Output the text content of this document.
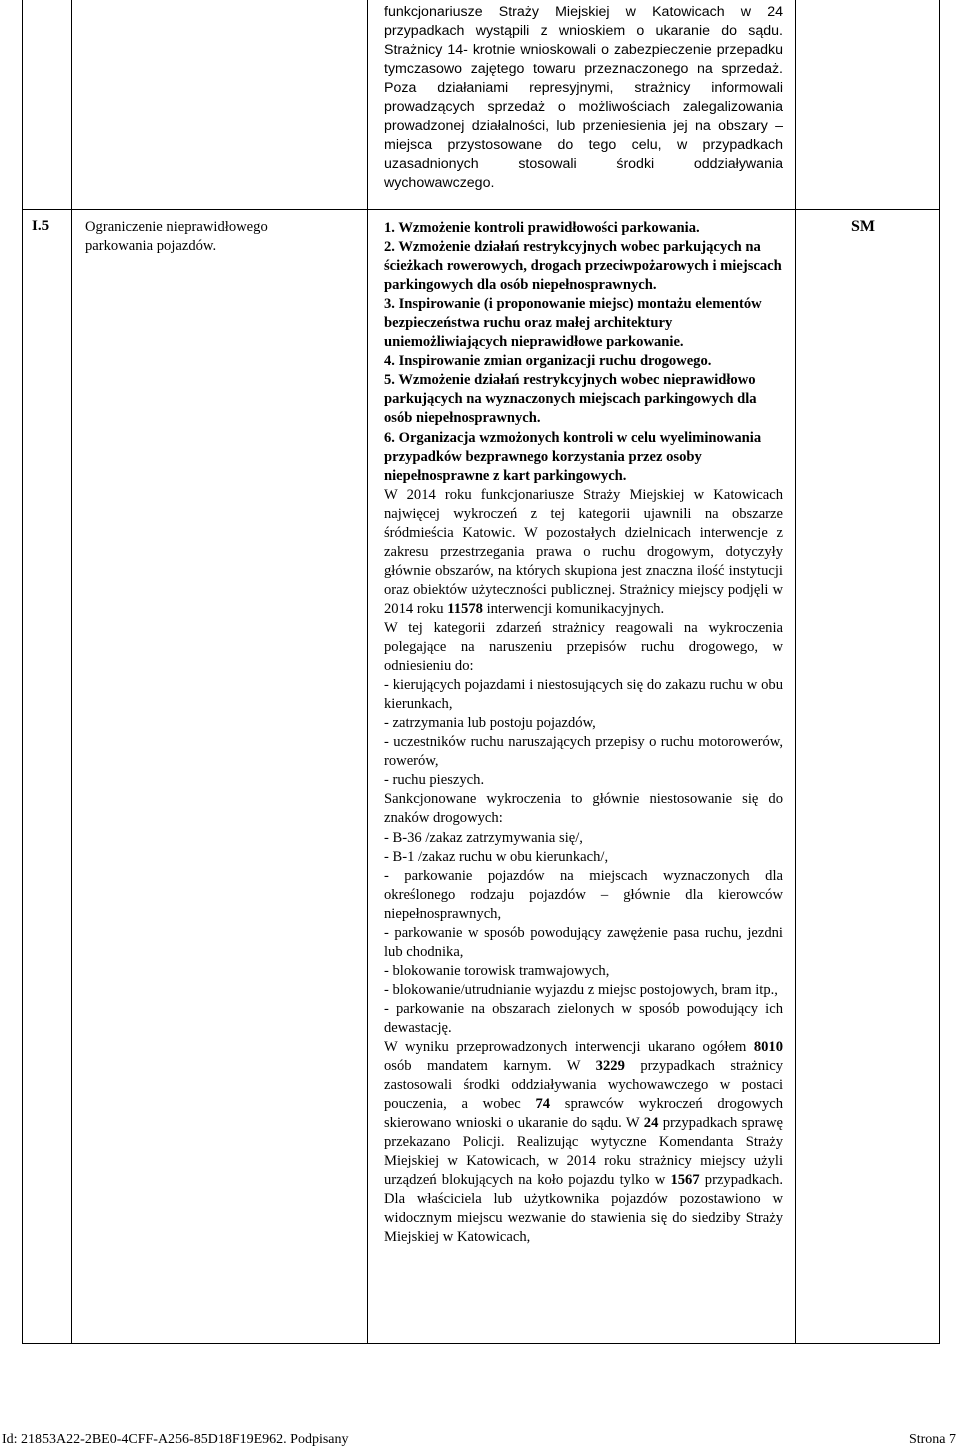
funkcjonariusze Straży Miejskiej w Katowicach w 24 przypadkach wystąpili z wnioskiem o ukaranie do sądu. Strażnicy 14- krotnie wnioskowali o zabezpieczenie przepadku tymczasowo zajętego towaru przeznaczonego na sprzedaż. Poza działaniami represyjnymi, strażnicy informowali prowadzących sprzedaż o możliwościach zalegalizowania prowadzonej działalności, lub przeniesienia jej na obszary – miejsca przystosowane do tego celu, w przypadkach uzasadnionych stosowali środki oddziaływania wychowawczego.
I.5 Ograniczenie nieprawidłowego parkowania pojazdów.
SM

1. Wzmożenie kontroli prawidłowości parkowania.

2. Wzmożenie działań restrykcyjnych wobec parkujących na ścieżkach rowerowych, drogach przeciwpożarowych i miejscach parkingowych dla osób niepełnosprawnych.

3. Inspirowanie (i proponowanie miejsc) montażu elementów bezpieczeństwa ruchu oraz małej architektury

uniemożliwiających nieprawidłowe parkowanie.

4. Inspirowanie zmian organizacji ruchu drogowego.

5. Wzmożenie działań restrykcyjnych wobec nieprawidłowo parkujących na wyznaczonych miejscach parkingowych dla osób niepełnosprawnych.

6. Organizacja wzmożonych kontroli w celu wyeliminowania przypadków bezprawnego korzystania przez osoby niepełnosprawne z kart parkingowych.

W 2014 roku funkcjonariusze Straży Miejskiej w Katowicach najwięcej wykroczeń z tej kategorii ujawnili na obszarze śródmieścia Katowic. W pozostałych dzielnicach interwencje z zakresu przestrzegania prawa o ruchu drogowym, dotyczyły głównie obszarów, na których skupiona jest znaczna ilość instytucji oraz obiektów użyteczności publicznej. Strażnicy miejscy podjęli w 2014 roku 11578 interwencji komunikacyjnych.

W tej kategorii zdarzeń strażnicy reagowali na wykroczenia polegające na naruszeniu przepisów ruchu drogowego, w odniesieniu do:

- kierujących pojazdami i niestosujących się do zakazu ruchu w obu kierunkach,

- zatrzymania lub postoju pojazdów,

- uczestników ruchu naruszających przepisy o ruchu motorowerów, rowerów,

- ruchu pieszych.

Sankcjonowane wykroczenia to głównie niestosowanie się do znaków drogowych:

- B-36 /zakaz zatrzymywania się/,

- B-1 /zakaz ruchu w obu kierunkach/,

- parkowanie pojazdów na miejscach wyznaczonych dla określonego rodzaju pojazdów – głównie dla kierowców niepełnosprawnych,

- parkowanie w sposób powodujący zawężenie pasa ruchu, jezdni lub chodnika,

- blokowanie torowisk tramwajowych,

- blokowanie/utrudnianie wyjazdu z miejsc postojowych, bram itp.,

- parkowanie na obszarach zielonych w sposób powodujący ich dewastację.

W wyniku przeprowadzonych interwencji ukarano ogółem 8010 osób mandatem karnym. W 3229 przypadkach strażnicy zastosowali środki oddziaływania wychowawczego w postaci pouczenia, a wobec 74 sprawców wykroczeń drogowych skierowano wnioski o ukaranie do sądu. W 24 przypadkach sprawę przekazano Policji. Realizując wytyczne Komendanta Straży Miejskiej w Katowicach, w 2014 roku strażnicy miejscy użyli urządzeń blokujących na koło pojazdu tylko w 1567 przypadkach. Dla właściciela lub użytkownika pojazdów pozostawiono w widocznym miejscu wezwanie do stawienia się do siedziby Straży Miejskiej w Katowicach,

Id: 21853A22-2BE0-4CFF-A256-85D18F19E962. Podpisany	Strona 7
